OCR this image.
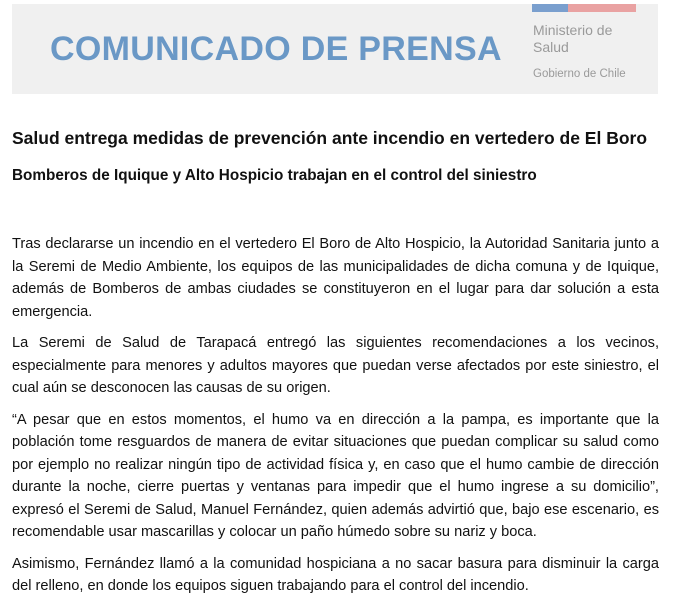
COMUNICADO DE PRENSA Ministerio de
Salud
Gobierno de Chile
Salud entrega medidas de prevención ante incendio en vertedero de El Boro
Bomberos de Iquique y Alto Hospicio trabajan en el control del siniestro

Tras declararse un incendio en el vertedero El Boro de Alto Hospicio, la Autoridad Sanitaria junto a la Seremi de Medio Ambiente, los equipos de las municipalidades de dicha comuna y de Iquique, además de Bomberos de ambas ciudades se constituyeron en el lugar para dar solución a esta emergencia.

La Seremi de Salud de Tarapacá entregó las siguientes recomendaciones a los vecinos, especialmente para menores y adultos mayores que puedan verse afectados por este siniestro, el cual aún se desconocen las causas de su origen.

“A pesar que en estos momentos, el humo va en dirección a la pampa, es importante que la población tome resguardos de manera de evitar situaciones que puedan complicar su salud como por ejemplo no realizar ningún tipo de actividad física y, en caso que el humo cambie de dirección durante la noche, cierre puertas y ventanas para impedir que el humo ingrese a su domicilio”, expresó el Seremi de Salud, Manuel Fernández, quien además advirtió que, bajo ese escenario, es recomendable usar mascarillas y colocar un paño húmedo sobre su nariz y boca.

Asimismo, Fernández llamó a la comunidad hospiciana a no sacar basura para disminuir la carga del relleno, en donde los equipos siguen trabajando para el control del incendio.
